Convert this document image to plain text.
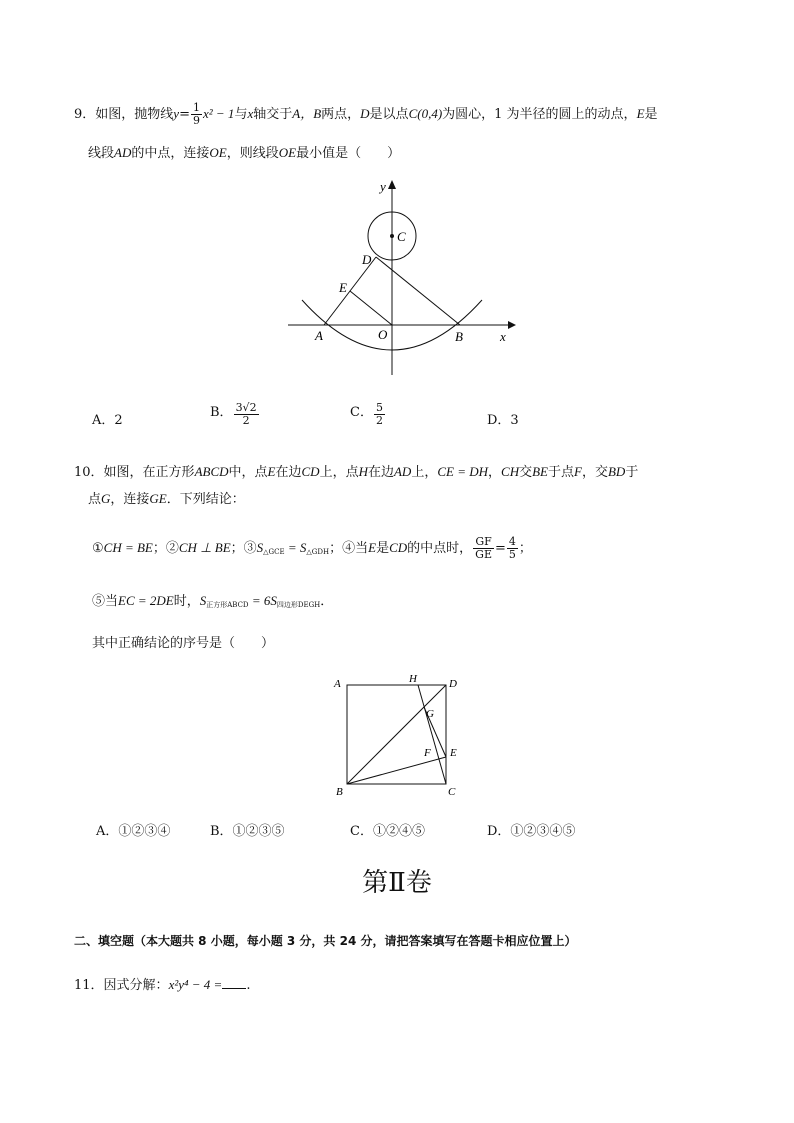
9．如图，抛物线$y= \frac{1}{9} x^2 - 1$与x轴交于A，B两点，D是以点C(0,4)为圆心，1 为半径的圆上的动点，E是
线段AD的中点，连接OE，则线段OE最小值是（　　）
y
C
D
E
A	O	B	x
A．2
B． $\frac{3√2}{2}$	C． $\frac{5}{2}$	D．3
10．如图，在正方形ABCD中，点E在边CD上，点H在边AD上，CE = DH，CH交BE于点F，交BD于
点G，连接GE．下列结论：
①CH = BE；②CH ⊥ BE；$③S_{\triangle GCE} = S_{\triangle GDH}$；④当E是CD的中点时， $\frac{GF}{GE} = \frac{4}{5}$ ；
⑤当EC = 2DE时，$S_{正方形ABCD} = 6S_{四边形DEGH}$．
其中正确结论的序号是（　　）
A	H	D
G
F E
B	C
A．①②③④	B．①②③⑤	C．①②④⑤	D．①②③④⑤
第Ⅱ卷
二、填空题（本大题共 8 小题，每小题 3 分，共 24 分，请把答案填写在答题卡相应位置上）
11．因式分解：x²y⁴ − 4 = .
